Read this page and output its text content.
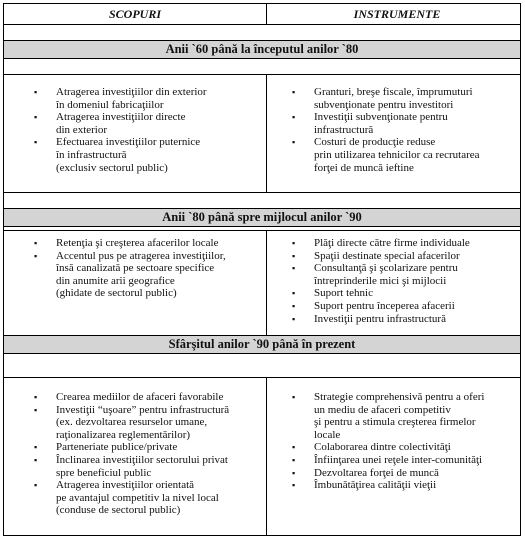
SCOPURI	INSTRUMENTE
Anii `60 până la începutul anilor `80
▪ Atragerea investiţiilor din exterior
în domeniul fabricaţiilor
▪ Atragerea investiţiilor directe
din exterior
▪ Efectuarea investiţiilor puternice
în infrastructură
(exclusiv sectorul public)
▪ Granturi, breşe fiscale, împrumuturi
subvenţionate pentru investitori
▪ Investiţii subvenţionate pentru
infrastructură
▪ Costuri de producţie reduse
prin utilizarea tehnicilor ca recrutarea
forţei de muncă ieftine
Anii `80 până spre mijlocul anilor `90
▪ Retenţia şi creşterea afacerilor locale
▪ Accentul pus pe atragerea investiţiilor,
însă canalizată pe sectoare specifice
din anumite arii geografice
(ghidate de sectorul public)
▪ Plăţi directe către firme individuale
▪ Spaţii destinate special afacerilor
▪ Consultanţă şi şcolarizare pentru
întreprinderile mici şi mijlocii
▪ Suport tehnic
▪ Suport pentru începerea afacerii
▪ Investiţii pentru infrastructură
Sfârşitul anilor `90 până în prezent
▪ Crearea mediilor de afaceri favorabile
▪ Investiţii “uşoare” pentru infrastructură
(ex. dezvoltarea resurselor umane,
raţionalizarea reglementărilor)
▪ Parteneriate publice/private
▪ Înclinarea investiţiilor sectorului privat
spre beneficiul public
▪ Atragerea investiţiilor orientată
pe avantajul competitiv la nivel local
(conduse de sectorul public)
▪ Strategie comprehensivă pentru a oferi
un mediu de afaceri competitiv
şi pentru a stimula creşterea firmelor
locale
▪ Colaborarea dintre colectivităţi
▪ Înfiinţarea unei reţele inter-comunităţi
▪ Dezvoltarea forţei de muncă
▪ Îmbunătăţirea calităţii vieţii
